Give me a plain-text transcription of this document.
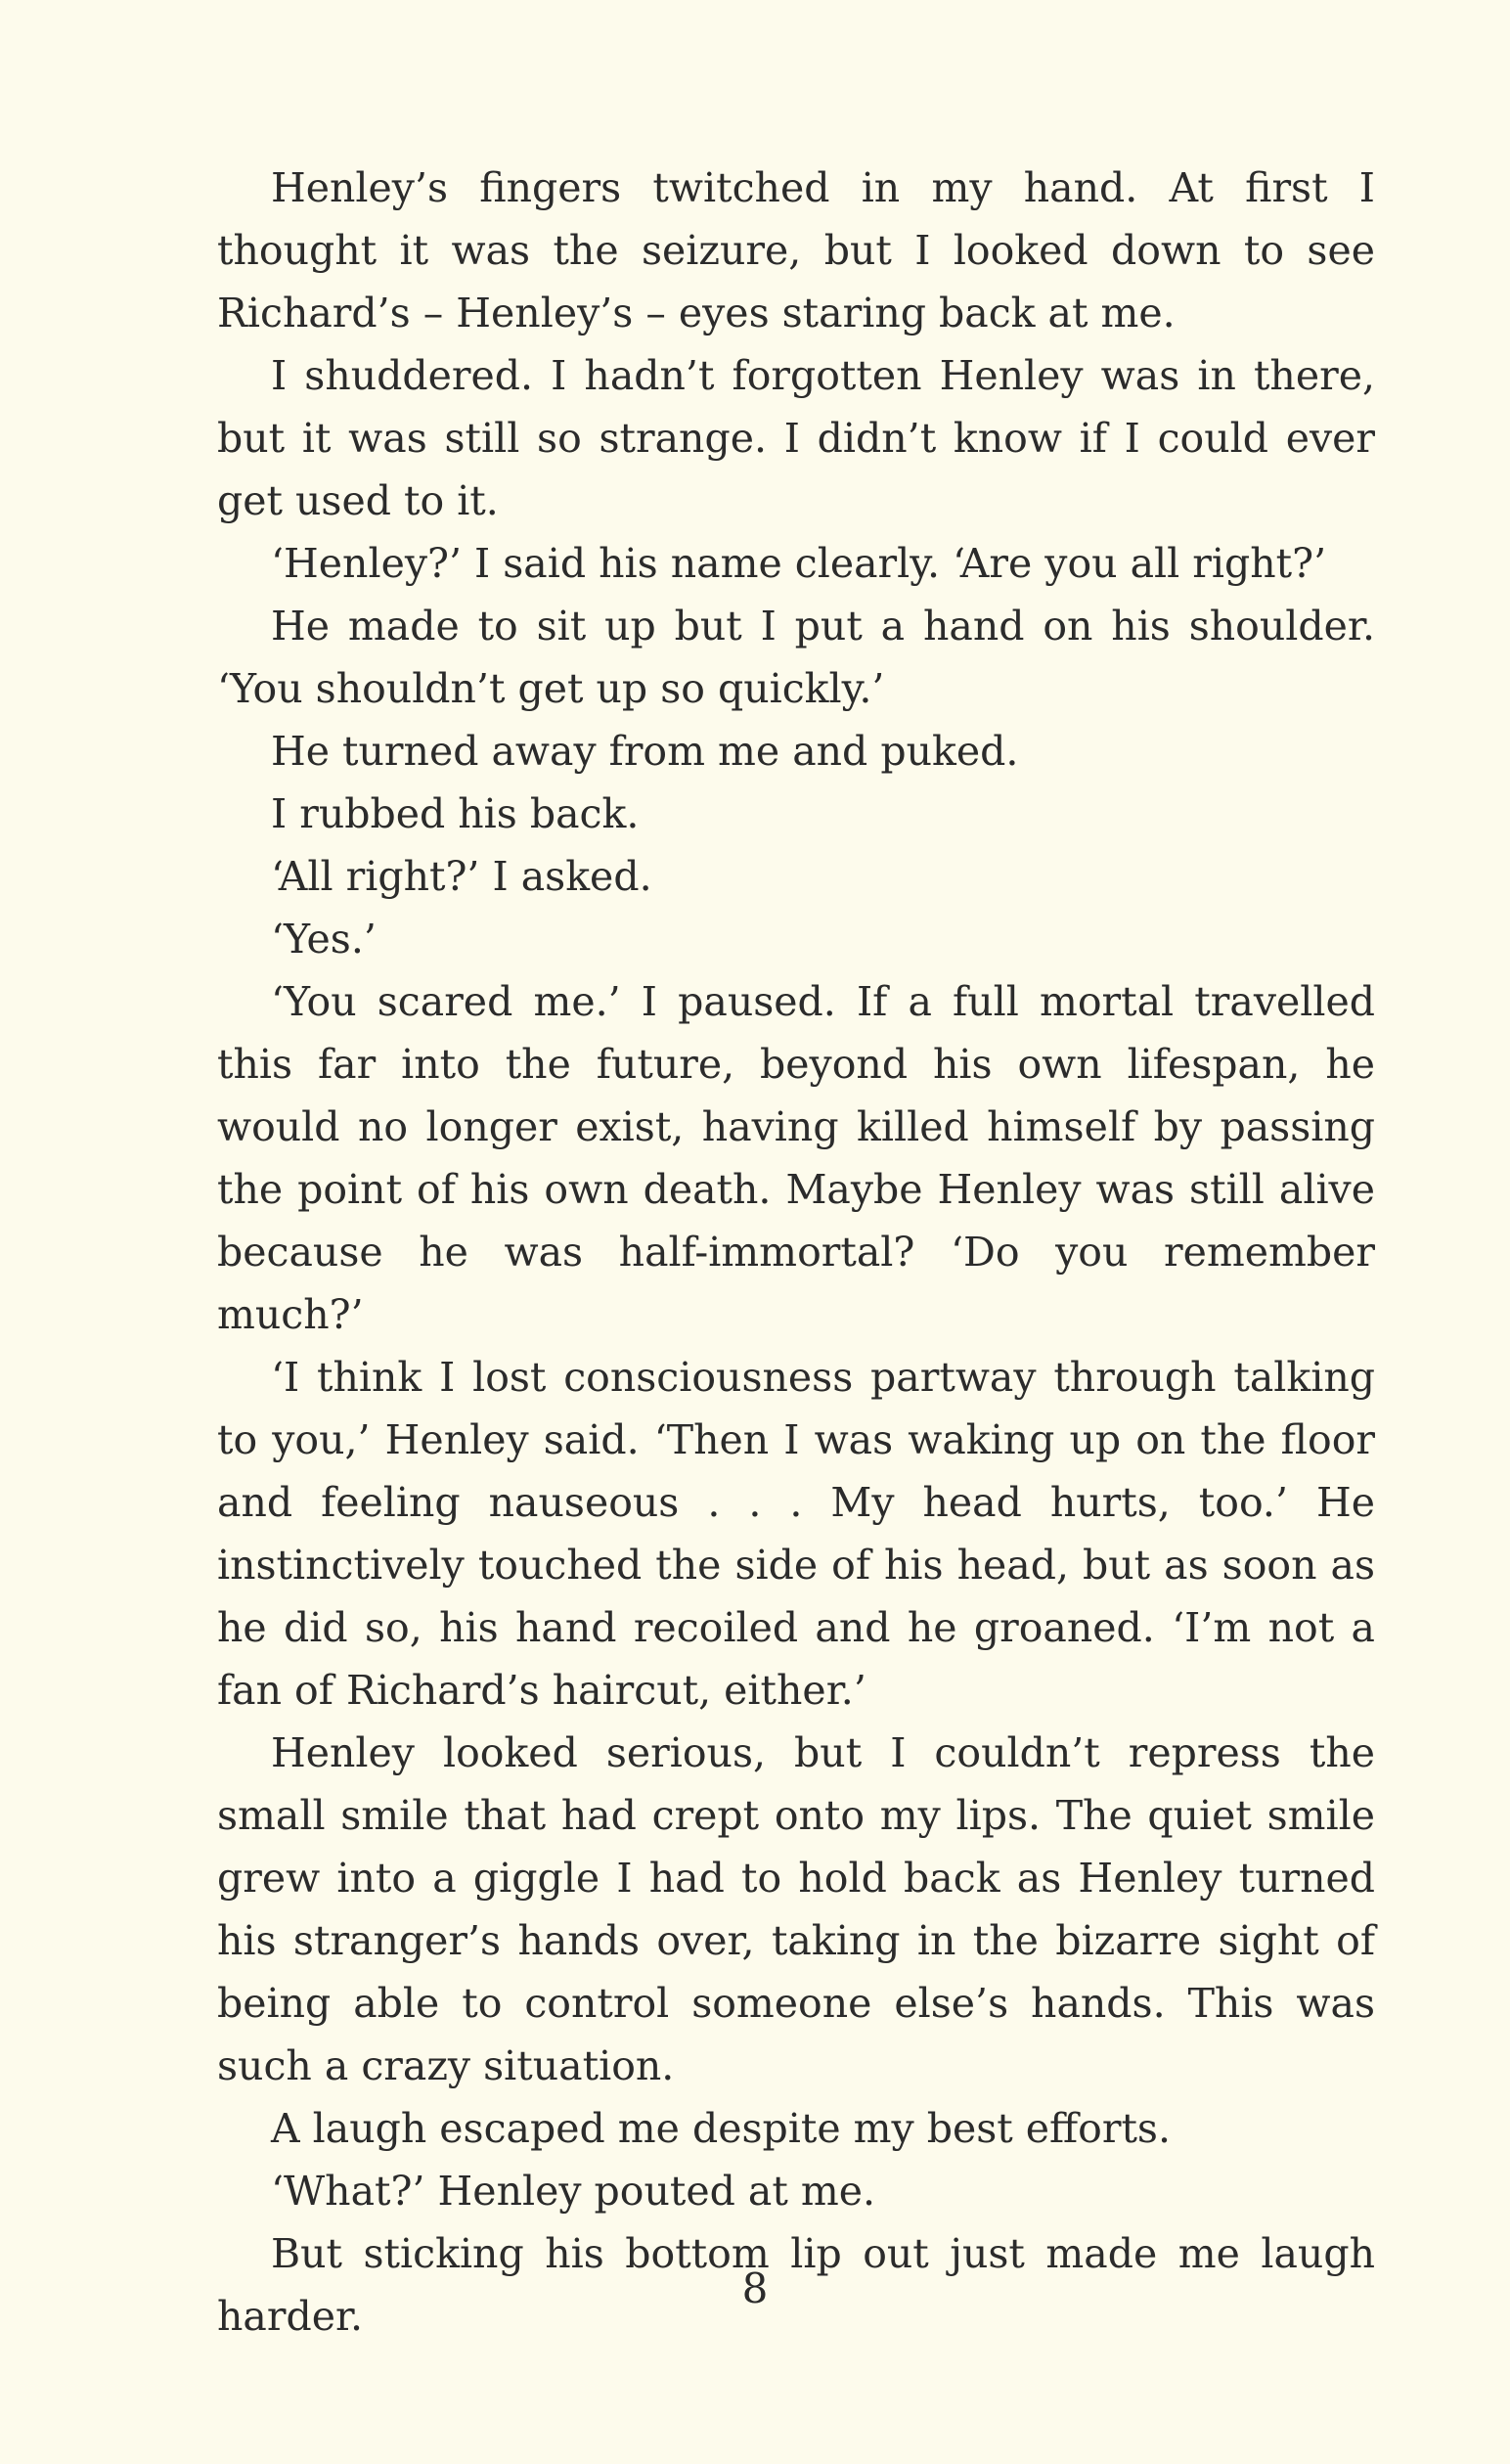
Henley’s fingers twitched in my hand. At first I thought it was the seizure, but I looked down to see Richard’s – Henley’s – eyes staring back at me.

I shuddered. I hadn’t forgotten Henley was in there, but it was still so strange. I didn’t know if I could ever get used to it.

‘Henley?’ I said his name clearly. ‘Are you all right?’

He made to sit up but I put a hand on his shoulder. ‘You shouldn’t get up so quickly.’

He turned away from me and puked.

I rubbed his back.

‘All right?’ I asked.

‘Yes.’

‘You scared me.’ I paused. If a full mortal travelled this far into the future, beyond his own lifespan, he would no longer exist, having killed himself by passing the point of his own death. Maybe Henley was still alive because he was half-immortal? ‘Do you remember much?’

‘I think I lost consciousness partway through talking to you,’ Henley said. ‘Then I was waking up on the floor and feeling nauseous . . . My head hurts, too.’ He instinctively touched the side of his head, but as soon as he did so, his hand recoiled and he groaned. ‘I’m not a fan of Richard’s haircut, either.’

Henley looked serious, but I couldn’t repress the small smile that had crept onto my lips. The quiet smile grew into a giggle I had to hold back as Henley turned his stranger’s hands over, taking in the bizarre sight of being able to control someone else’s hands. This was such a crazy situation.

A laugh escaped me despite my best efforts.

‘What?’ Henley pouted at me.

But sticking his bottom lip out just made me laugh harder.

8
